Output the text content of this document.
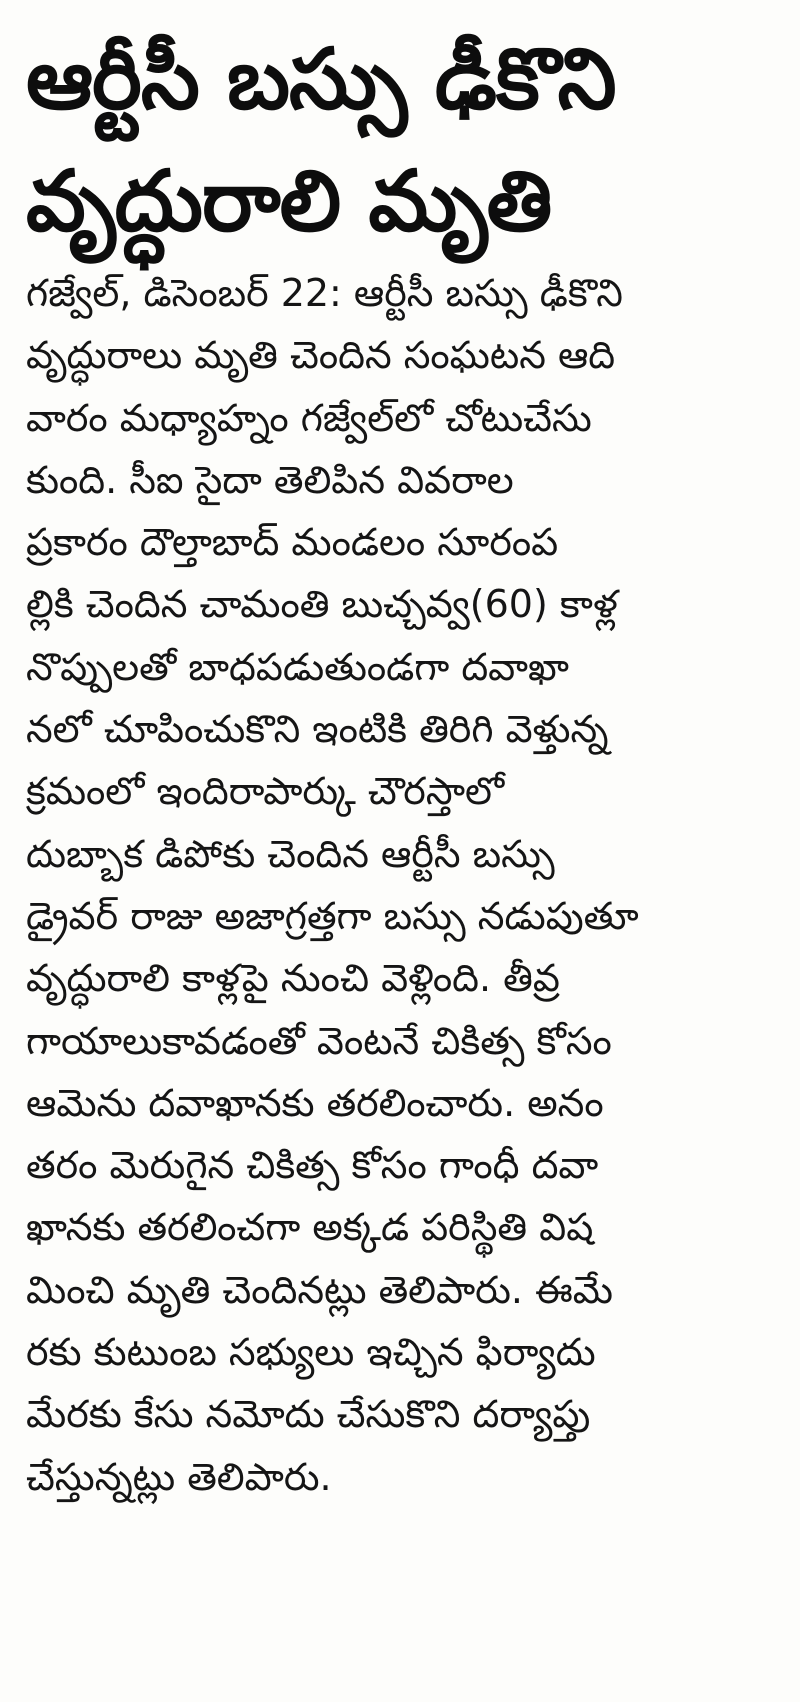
ఆర్టీసీ బస్సు ఢీకొని
వృద్ధురాలి మృతి
గజ్వేల్, డిసెంబర్ 22: ఆర్టీసీ బస్సు ఢీకొని
వృద్ధురాలు మృతి చెందిన సంఘటన ఆది
వారం మధ్యాహ్నం గజ్వేల్‌లో చోటుచేసు
కుంది. సీఐ సైదా తెలిపిన వివరాల
ప్రకారం దౌల్తాబాద్ మండలం సూరంప
ల్లికి చెందిన చామంతి బుచ్చవ్వ(60) కాళ్ల
నొప్పులతో బాధపడుతుండగా దవాఖా
నలో చూపించుకొని ఇంటికి తిరిగి వెళ్తున్న
క్రమంలో ఇందిరాపార్కు చౌరస్తాలో
దుబ్బాక డిపోకు చెందిన ఆర్టీసీ బస్సు
డ్రైవర్ రాజు అజాగ్రత్తగా బస్సు నడుపుతూ
వృద్ధురాలి కాళ్లపై నుంచి వెళ్లింది. తీవ్ర
గాయాలుకావడంతో వెంటనే చికిత్స కోసం
ఆమెను దవాఖానకు తరలించారు. అనం
తరం మెరుగైన చికిత్స కోసం గాంధీ దవా
ఖానకు తరలించగా అక్కడ పరిస్థితి విష
మించి మృతి చెందినట్లు తెలిపారు. ఈమే
రకు కుటుంబ సభ్యులు ఇచ్చిన ఫిర్యాదు
మేరకు కేసు నమోదు చేసుకొని దర్యాప్తు
చేస్తున్నట్లు తెలిపారు.
